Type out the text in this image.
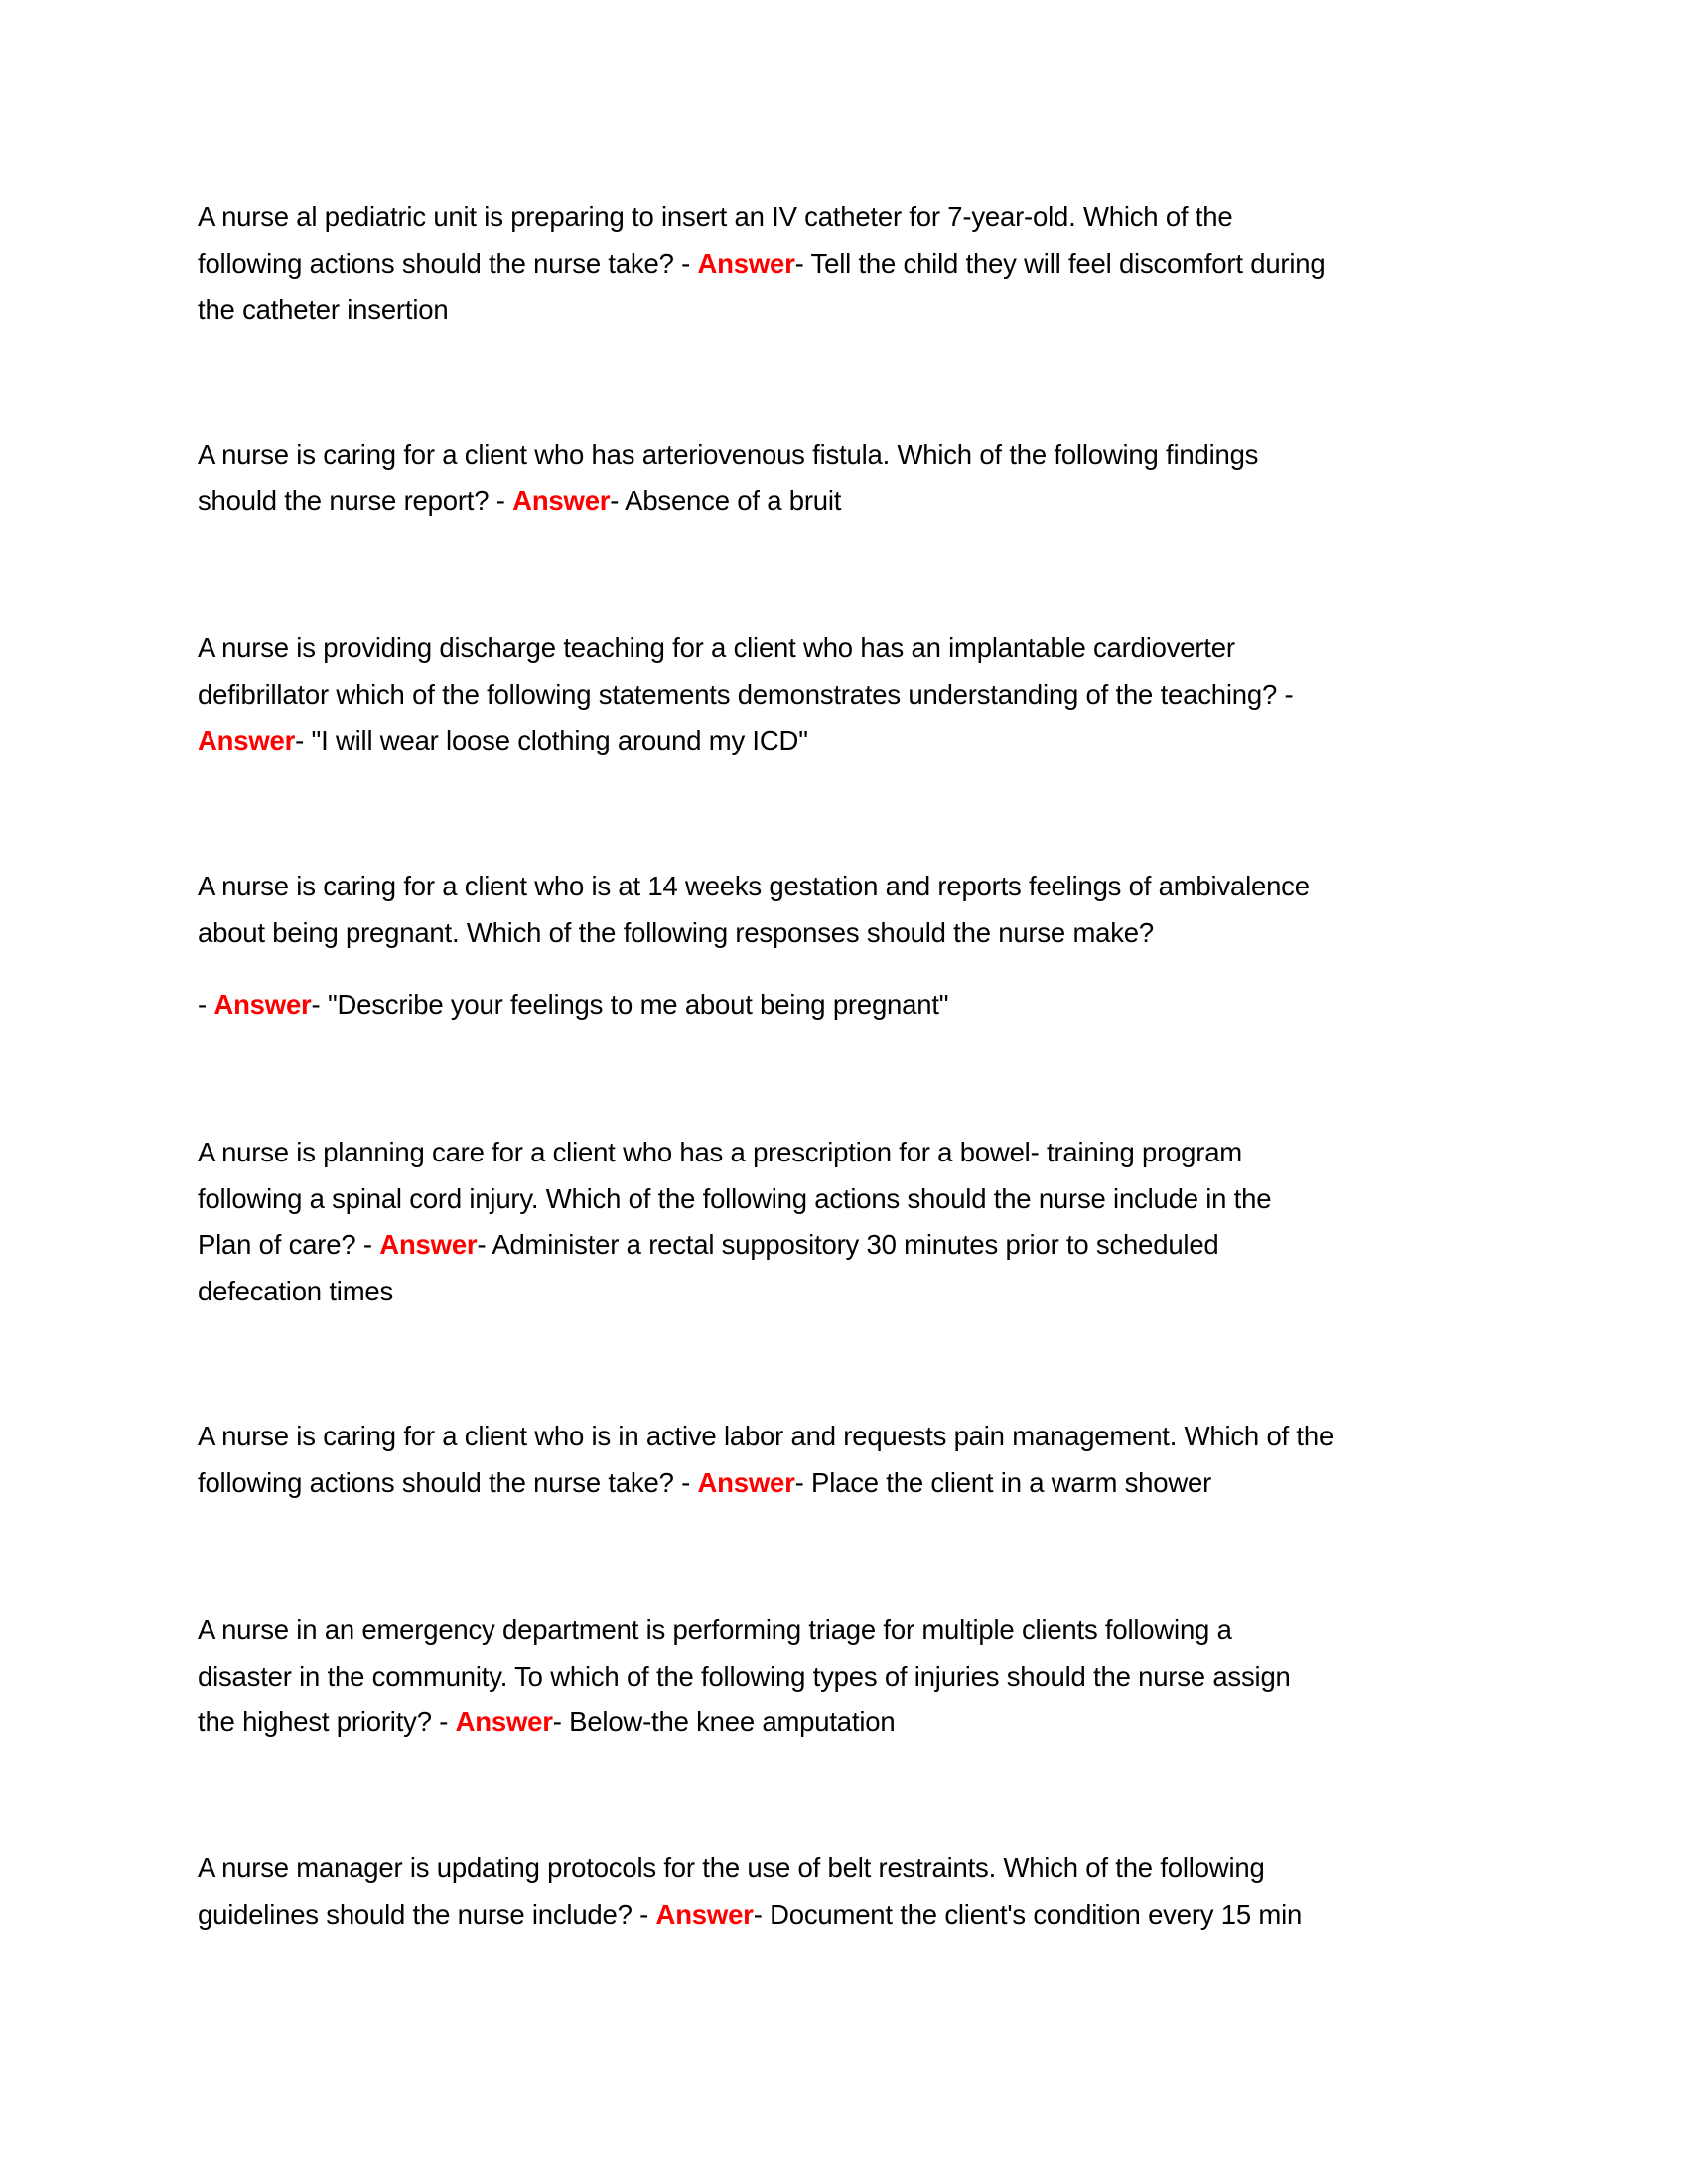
A nurse al pediatric unit is preparing to insert an IV catheter for 7-year-old. Which of the
following actions should the nurse take? - Answer- Tell the child they will feel discomfort during
the catheter insertion
A nurse is caring for a client who has arteriovenous fistula. Which of the following findings
should the nurse report? - Answer- Absence of a bruit
A nurse is providing discharge teaching for a client who has an implantable cardioverter
defibrillator which of the following statements demonstrates understanding of the teaching? -
Answer- "I will wear loose clothing around my ICD"
A nurse is caring for a client who is at 14 weeks gestation and reports feelings of ambivalence
about being pregnant. Which of the following responses should the nurse make?
- Answer- "Describe your feelings to me about being pregnant"
A nurse is planning care for a client who has a prescription for a bowel- training program
following a spinal cord injury. Which of the following actions should the nurse include in the
Plan of care? - Answer- Administer a rectal suppository 30 minutes prior to scheduled
defecation times
A nurse is caring for a client who is in active labor and requests pain management. Which of the
following actions should the nurse take? - Answer- Place the client in a warm shower
A nurse in an emergency department is performing triage for multiple clients following a
disaster in the community. To which of the following types of injuries should the nurse assign
the highest priority? - Answer- Below-the knee amputation
A nurse manager is updating protocols for the use of belt restraints. Which of the following
guidelines should the nurse include? - Answer- Document the client's condition every 15 min
